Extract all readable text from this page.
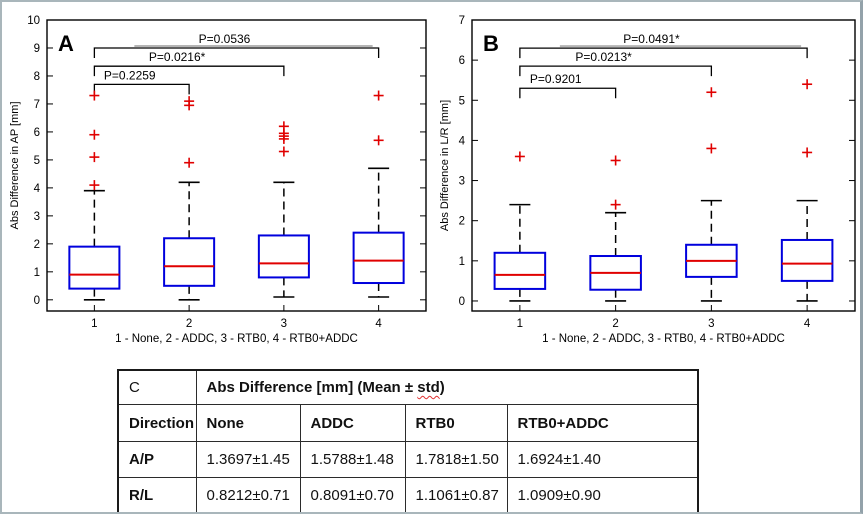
0
1
2
3
4
5
6
7
8
9
10
1	2	3	4
1 - None, 2 - ADDC, 3 - RTB0, 4 - RTB0+ADDC
Abs Difference in AP [mm]
A
P=0.2259
P=0.0216*
P=0.0536
0
1
2
3
4
5
6
7
1	2	3	4
1 - None, 2 - ADDC, 3 - RTB0, 4 - RTB0+ADDC
Abs Difference in L/R [mm]
B
P=0.9201
P=0.0213*
P=0.0491*
C	Abs Difference [mm] (Mean ± std)			
Direction	None	ADDC	RTB0	RTB0+ADDC
A/P	1.3697±1.45	1.5788±1.48	1.7818±1.50	1.6924±1.40
R/L	0.8212±0.71	0.8091±0.70	1.1061±0.87	1.0909±0.90
